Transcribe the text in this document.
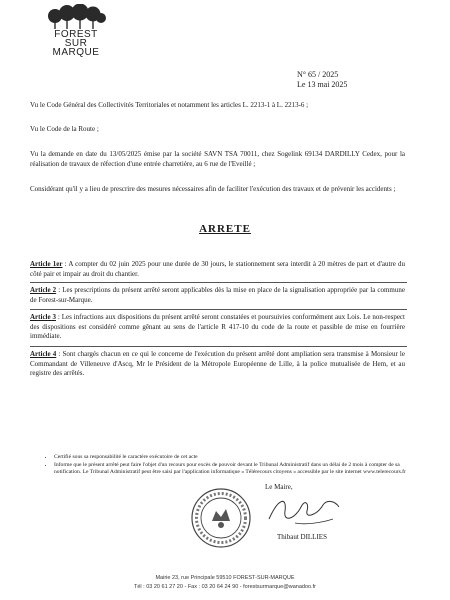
FOREST
SUR
MARQUE
N° 65 / 2025
Le 13 mai 2025
Vu le Code Général des Collectivités Territoriales et notamment les articles L. 2213-1 à L. 2213-6 ;
Vu le Code de la Route ;
Vu la demande en date du 13/05/2025 émise par la société SAVN TSA 70011, chez Sogelink 69134 DARDILLY Cedex, pour la réalisation de travaux de réfection d'une entrée charretière, au 6 rue de l'Eveillé ;
Considérant qu'il y a lieu de prescrire des mesures nécessaires afin de faciliter l'exécution des travaux et de prévenir les accidents ;
ARRETE
Article 1er : A compter du 02 juin 2025 pour une durée de 30 jours, le stationnement sera interdit à 20 mètres de part et d'autre du côté pair et impair au droit du chantier.
Article 2 : Les prescriptions du présent arrêté seront applicables dès la mise en place de la signalisation appropriée par la commune de Forest-sur-Marque.
Article 3 : Les infractions aux dispositions du présent arrêté seront constatées et poursuivies conformément aux Lois. Le non-respect des dispositions est considéré comme gênant au sens de l'article R 417-10 du code de la route et passible de mise en fourrière immédiate.
Article 4 : Sont chargés chacun en ce qui le concerne de l'exécution du présent arrêté dont ampliation sera transmise à Monsieur le Commandant de Villeneuve d'Ascq, Mr le Président de la Métropole Européenne de Lille, à la police mutualisée de Hem, et au registre des arrêtés.
• Certifié sous sa responsabilité le caractère exécutoire de cet acte
• Informe que le présent arrêté peut faire l'objet d'un recours pour excès de pouvoir devant le Tribunal Administratif dans un délai de 2 mois à compter de sa notification. Le Tribunal Administratif peut être saisi par l'application informatique « Télérecours citoyens » accessible par le site internet www.telerecours.fr
Le Maire,
Thibaut DILLIES
Mairie 23, rue Principale 59510 FOREST-SUR-MARQUE
Tél : 03 20 61 27 20 - Fax : 03 20 64 24 90 - forestsurmarque@wanadoo.fr
